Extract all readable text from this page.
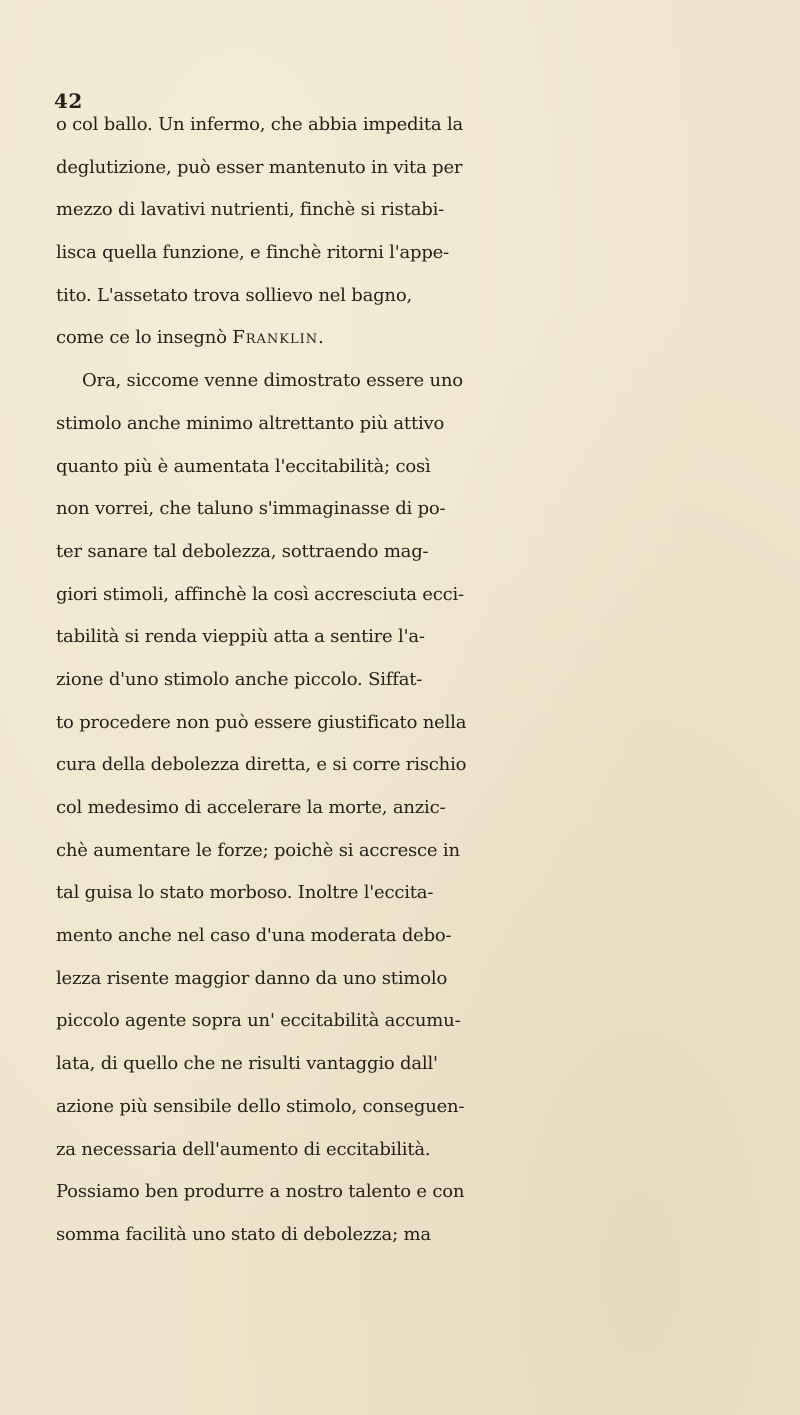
42
o col ballo. Un infermo, che abbia impedita la
deglutizione, può esser mantenuto in vita per
mezzo di lavativi nutrienti, finchè si ristabi-
lisca quella funzione, e finchè ritorni l'appe-
tito. L'assetato trova sollievo nel bagno,
come ce lo insegnò Franklin.
Ora, siccome venne dimostrato essere uno
stimolo anche minimo altrettanto più attivo
quanto più è aumentata l'eccitabilità; così
non vorrei, che taluno s'immaginasse di po-
ter sanare tal debolezza, sottraendo mag-
giori stimoli, affinchè la così accresciuta ecci-
tabilità si renda vieppiù atta a sentire l'a-
zione d'uno stimolo anche piccolo. Siffat-
to procedere non può essere giustificato nella
cura della debolezza diretta, e si corre rischio
col medesimo di accelerare la morte, anzic-
chè aumentare le forze; poichè si accresce in
tal guisa lo stato morboso. Inoltre l'eccita-
mento anche nel caso d'una moderata debo-
lezza risente maggior danno da uno stimolo
piccolo agente sopra un' eccitabilità accumu-
lata, di quello che ne risulti vantaggio dall'
azione più sensibile dello stimolo, conseguen-
za necessaria dell'aumento di eccitabilità.
Possiamo ben produrre a nostro talento e con
somma facilità uno stato di debolezza; ma
